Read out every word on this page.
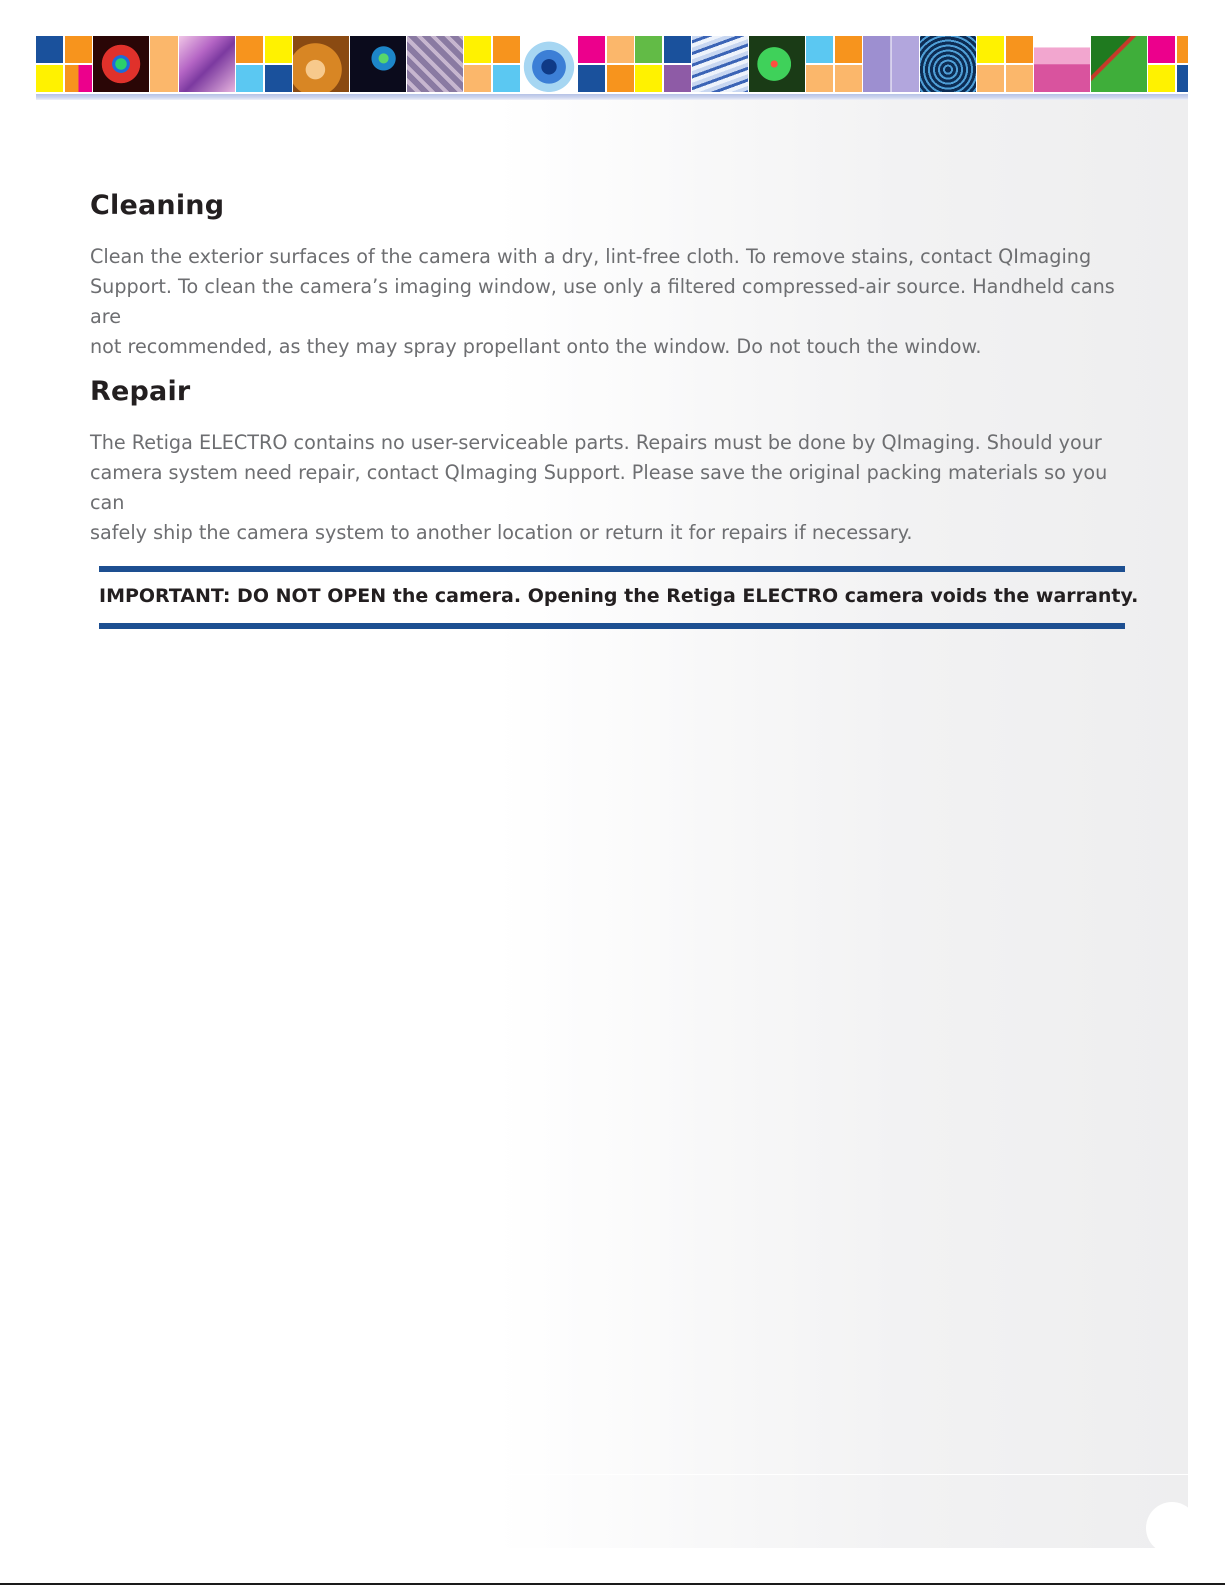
Cleaning
Clean the exterior surfaces of the camera with a dry, lint-free cloth. To remove stains, contact QImaging
Support. To clean the camera’s imaging window, use only a filtered compressed-air source. Handheld cans are
not recommended, as they may spray propellant onto the window. Do not touch the window.
Repair
The Retiga ELECTRO contains no user-serviceable parts. Repairs must be done by QImaging. Should your
camera system need repair, contact QImaging Support. Please save the original packing materials so you can
safely ship the camera system to another location or return it for repairs if necessary.
IMPORTANT: DO NOT OPEN the camera. Opening the Retiga ELECTRO camera voids the warranty.
